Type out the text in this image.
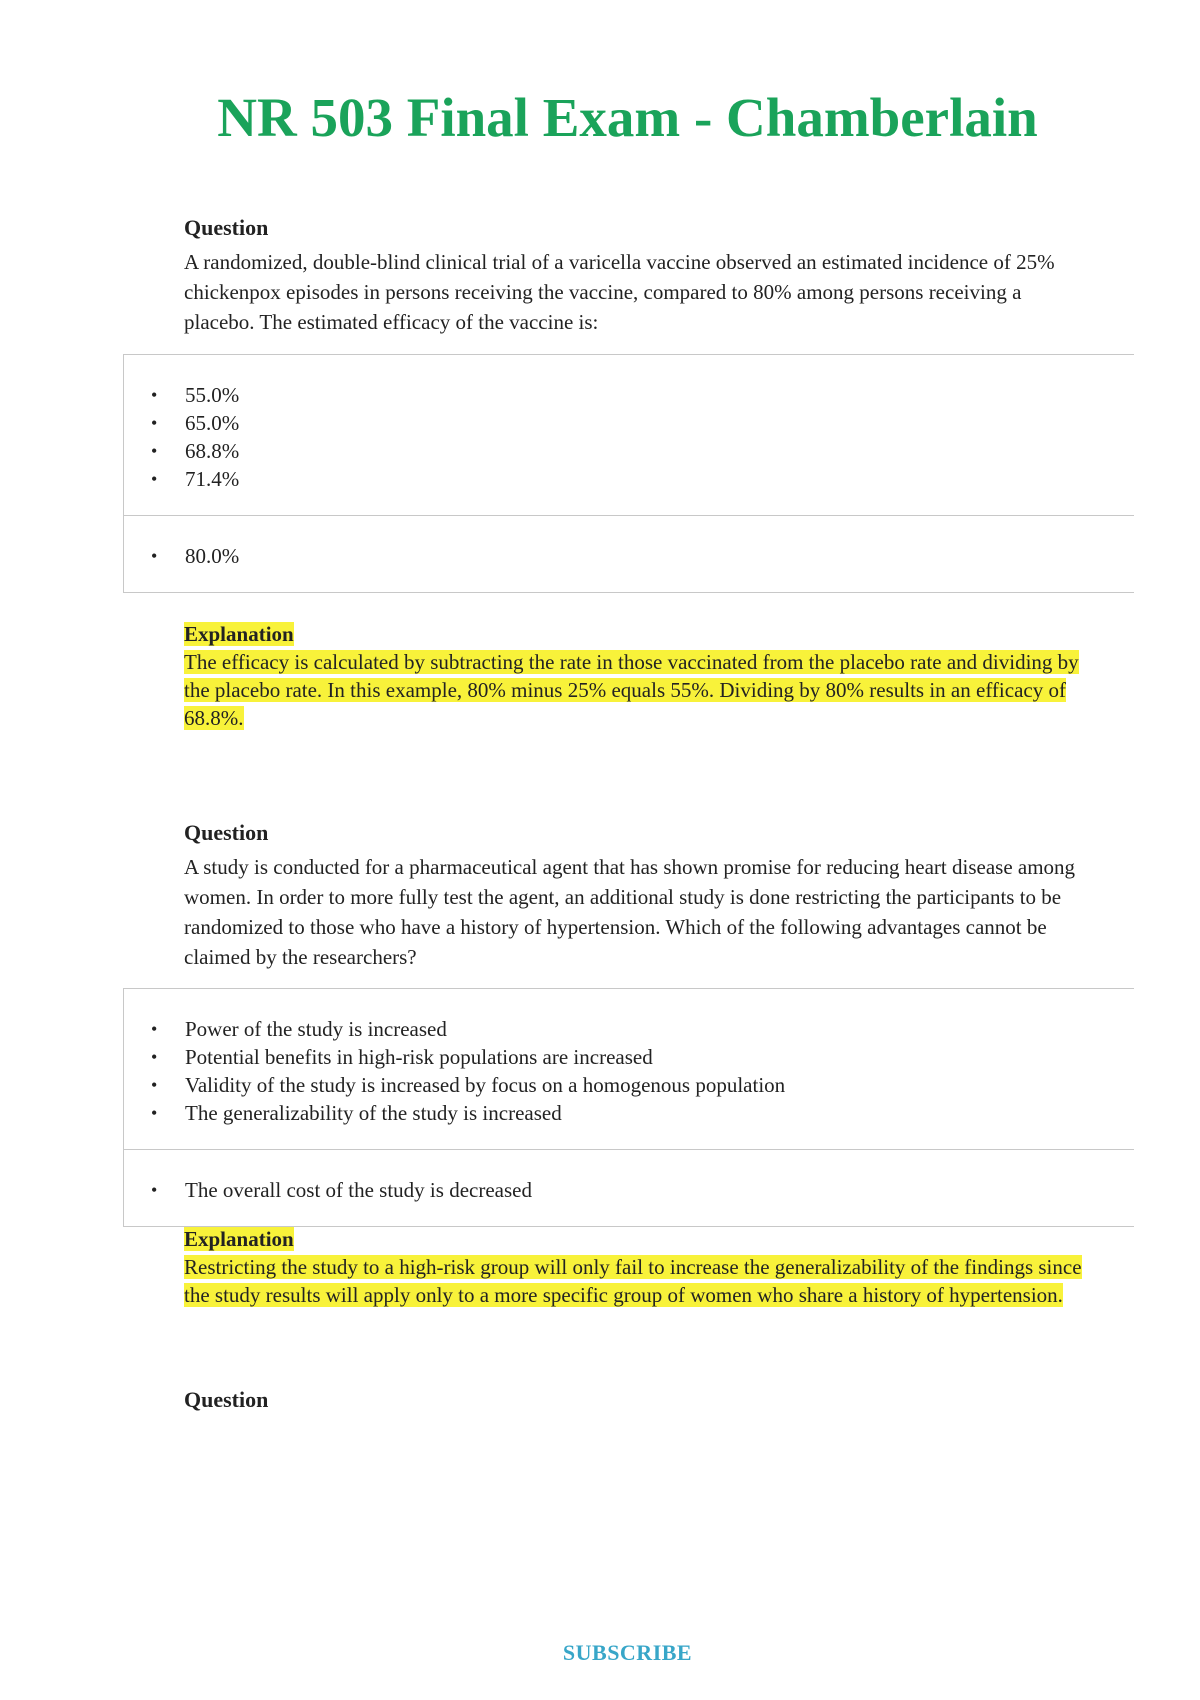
NR 503 Final Exam - Chamberlain

Question

A randomized, double-blind clinical trial of a varicella vaccine observed an estimated incidence of 25% chickenpox episodes in persons receiving the vaccine, compared to 80% among persons receiving a placebo. The estimated efficacy of the vaccine is:

• 55.0%
• 65.0%
• 68.8%
• 71.4%
• 80.0%
Explanation
The efficacy is calculated by subtracting the rate in those vaccinated from the placebo rate and dividing by the placebo rate. In this example, 80% minus 25% equals 55%. Dividing by 80% results in an efficacy of 68.8%.

Question

A study is conducted for a pharmaceutical agent that has shown promise for reducing heart disease among women. In order to more fully test the agent, an additional study is done restricting the participants to be randomized to those who have a history of hypertension. Which of the following advantages cannot be claimed by the researchers?

• Power of the study is increased
• Potential benefits in high-risk populations are increased
• Validity of the study is increased by focus on a homogenous population
• The generalizability of the study is increased
• The overall cost of the study is decreased
Explanation
Restricting the study to a high-risk group will only fail to increase the generalizability of the findings since the study results will apply only to a more specific group of women who share a history of hypertension.

Question

SUBSCRIBE
